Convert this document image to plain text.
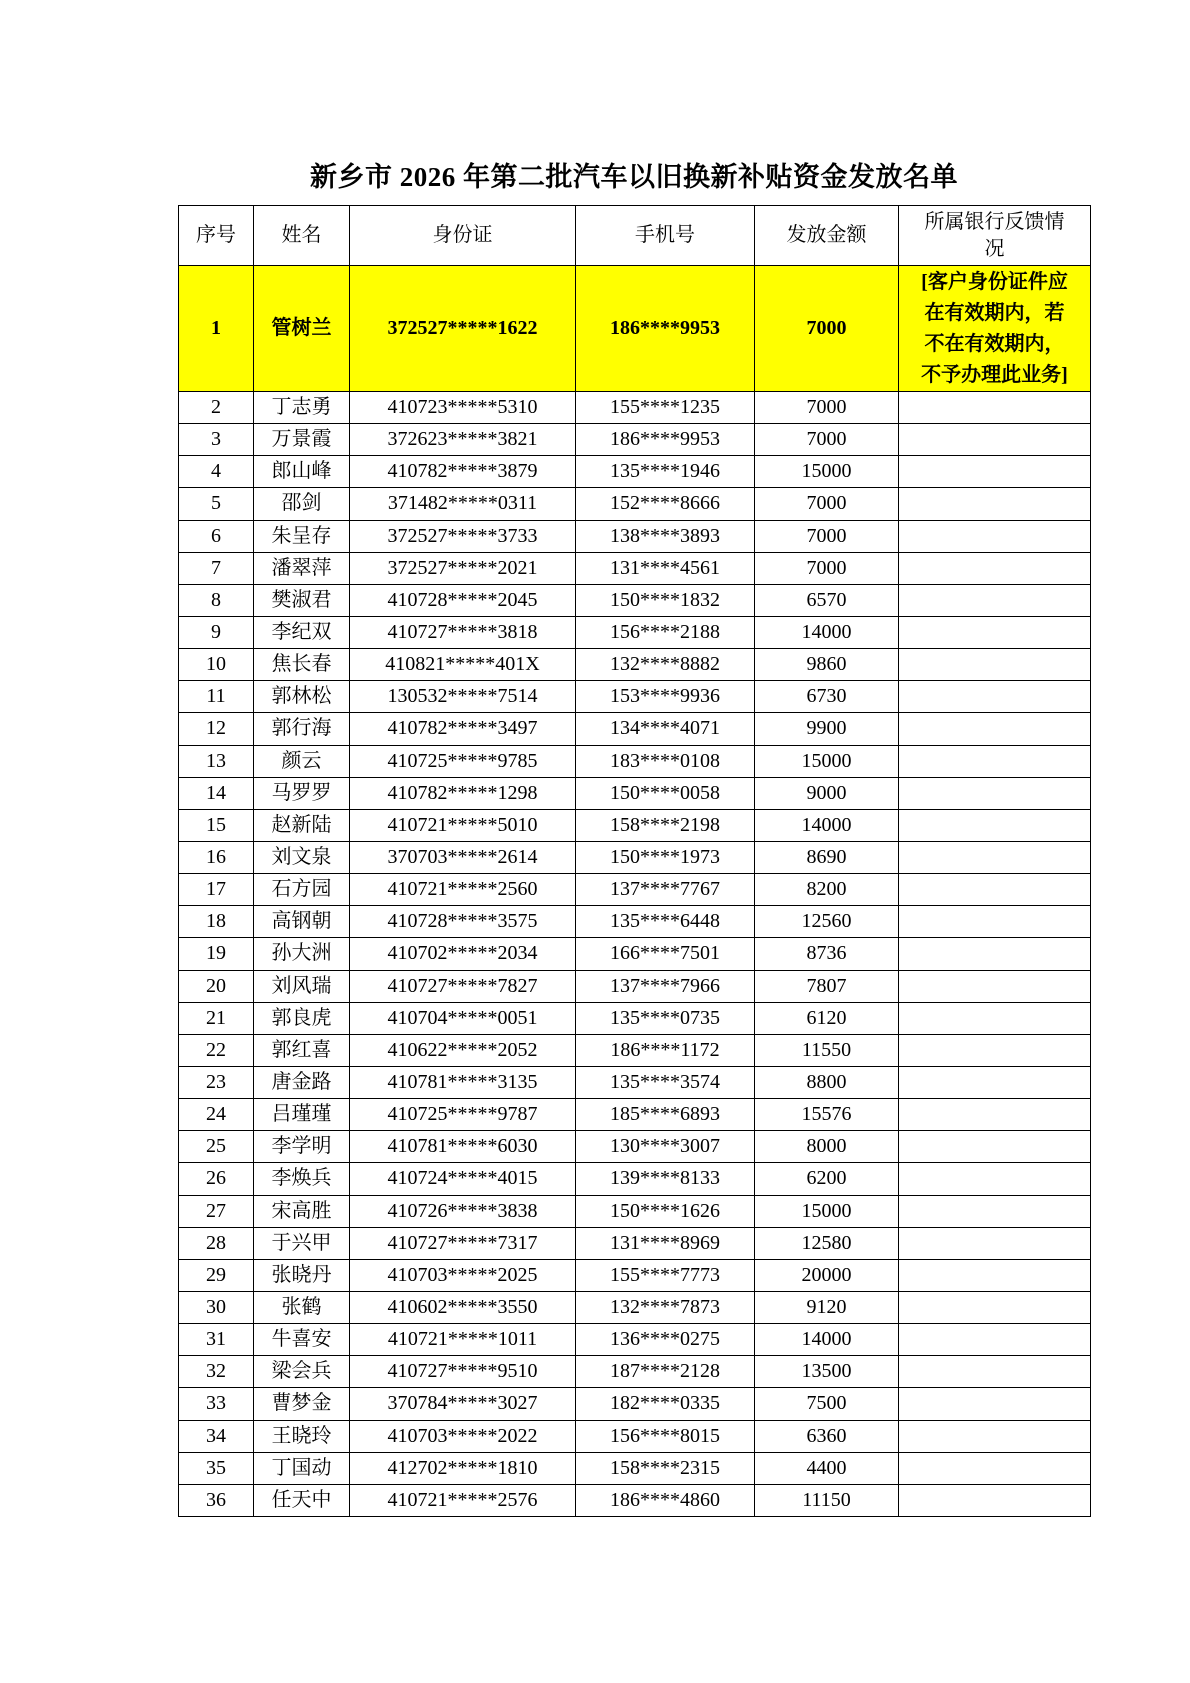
新乡市 2026 年第二批汽车以旧换新补贴资金发放名单
序号	姓名	身份证	手机号	发放金额	所属银行反馈情况
1	管树兰	372527*****1622	186****9953	7000	[客户身份证件应在有效期内，若不在有效期内，不予办理此业务]
2	丁志勇	410723*****5310	155****1235	7000	
3	万景霞	372623*****3821	186****9953	7000	
4	郎山峰	410782*****3879	135****1946	15000	
5	邵剑	371482*****0311	152****8666	7000	
6	朱呈存	372527*****3733	138****3893	7000	
7	潘翠萍	372527*****2021	131****4561	7000	
8	樊淑君	410728*****2045	150****1832	6570	
9	李纪双	410727*****3818	156****2188	14000	
10	焦长春	410821*****401X	132****8882	9860	
11	郭林松	130532*****7514	153****9936	6730	
12	郭行海	410782*****3497	134****4071	9900	
13	颜云	410725*****9785	183****0108	15000	
14	马罗罗	410782*****1298	150****0058	9000	
15	赵新陆	410721*****5010	158****2198	14000	
16	刘文泉	370703*****2614	150****1973	8690	
17	石方园	410721*****2560	137****7767	8200	
18	高钢朝	410728*****3575	135****6448	12560	
19	孙大洲	410702*****2034	166****7501	8736	
20	刘风瑞	410727*****7827	137****7966	7807	
21	郭良虎	410704*****0051	135****0735	6120	
22	郭红喜	410622*****2052	186****1172	11550	
23	唐金路	410781*****3135	135****3574	8800	
24	吕瑾瑾	410725*****9787	185****6893	15576	
25	李学明	410781*****6030	130****3007	8000	
26	李焕兵	410724*****4015	139****8133	6200	
27	宋高胜	410726*****3838	150****1626	15000	
28	于兴甲	410727*****7317	131****8969	12580	
29	张晓丹	410703*****2025	155****7773	20000	
30	张鹤	410602*****3550	132****7873	9120	
31	牛喜安	410721*****1011	136****0275	14000	
32	梁会兵	410727*****9510	187****2128	13500	
33	曹梦金	370784*****3027	182****0335	7500	
34	王晓玲	410703*****2022	156****8015	6360	
35	丁国动	412702*****1810	158****2315	4400	
36	任天中	410721*****2576	186****4860	11150	
